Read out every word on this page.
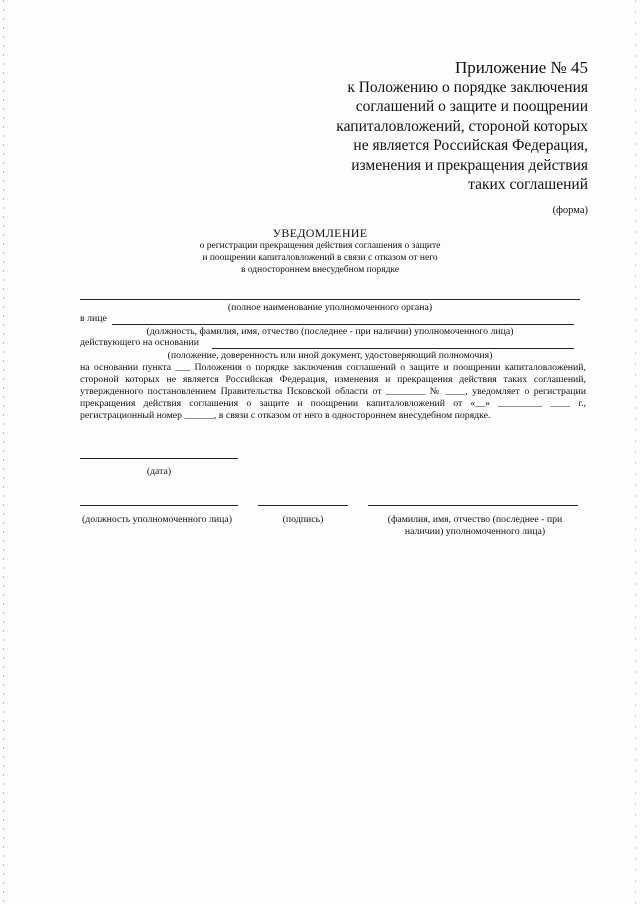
Приложение № 45
к Положению о порядке заключения
соглашений о защите и поощрении
капиталовложений, стороной которых
не является Российская Федерация,
изменения и прекращения действия
таких соглашений
(форма)
УВЕДОМЛЕНИЕ
о регистрации прекращения действия соглашения о защите
и поощрении капиталовложений в связи с отказом от него
в одностороннем внесудебном порядке
(полное наименование уполномоченного органа)
в лице
(должность, фамилия, имя, отчество (последнее - при наличии) уполномоченного лица)
действующего на основании
(положение, доверенность или иной документ, удостоверяющий полномочия)
на основании пункта ___ Положения о порядке заключения соглашений о защите и поощрении капиталовложений, стороной которых не является Российская Федерация, изменения и прекращения действия таких соглашений, утвержденного постановлением Правительства Псковской области от ________ № ____, уведомляет о регистрации прекращения действия соглашения о защите и поощрении капиталовложений от «__» _________ ____ г., регистрационный номер ______, в связи с отказом от него в одностороннем внесудебном порядке.
(дата)
(должность уполномоченного лица)	(подпись)	(фамилия, имя, отчество (последнее - при наличии) уполномоченного лица)
